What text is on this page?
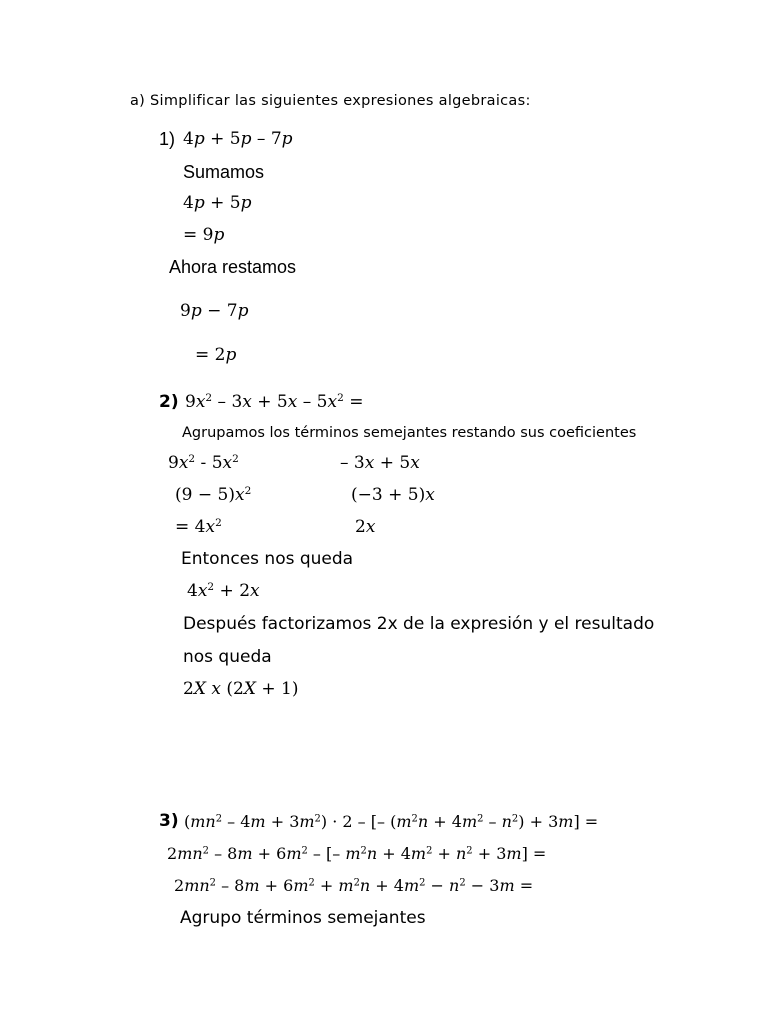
a) Simplificar las siguientes expresiones algebraicas:
1) 4p + 5p – 7p
Sumamos
4p + 5p
= 9p
Ahora restamos
9p − 7p
= 2p
2) $9x^2 - 3x + 5x - 5x^2$ =
Agrupamos los términos semejantes restando sus coeficientes
$9x^2 - 5x^2$
$(9 - 5)x^2$
= $4x^2$
– 3x + 5x
(−3 + 5)x
2x
Entonces nos queda
$4x^2 + 2x$
Después factorizamos 2x de la expresión y el resultado
nos queda
2X x (2X + 1)
3) $(mn^2 - 4m + 3m^2) \cdot 2$ – [– $(m^2n + 4m^2 - n^2) + 3m$] =
$2mn^2 - 8m + 6m^2$ – [– $m^2n + 4m^2 + n^2 + 3m$] =
$2mn^2 - 8m + 6m^2 + m^2n + 4m^2 - n^2 - 3m$ =
Agrupo términos semejantes
